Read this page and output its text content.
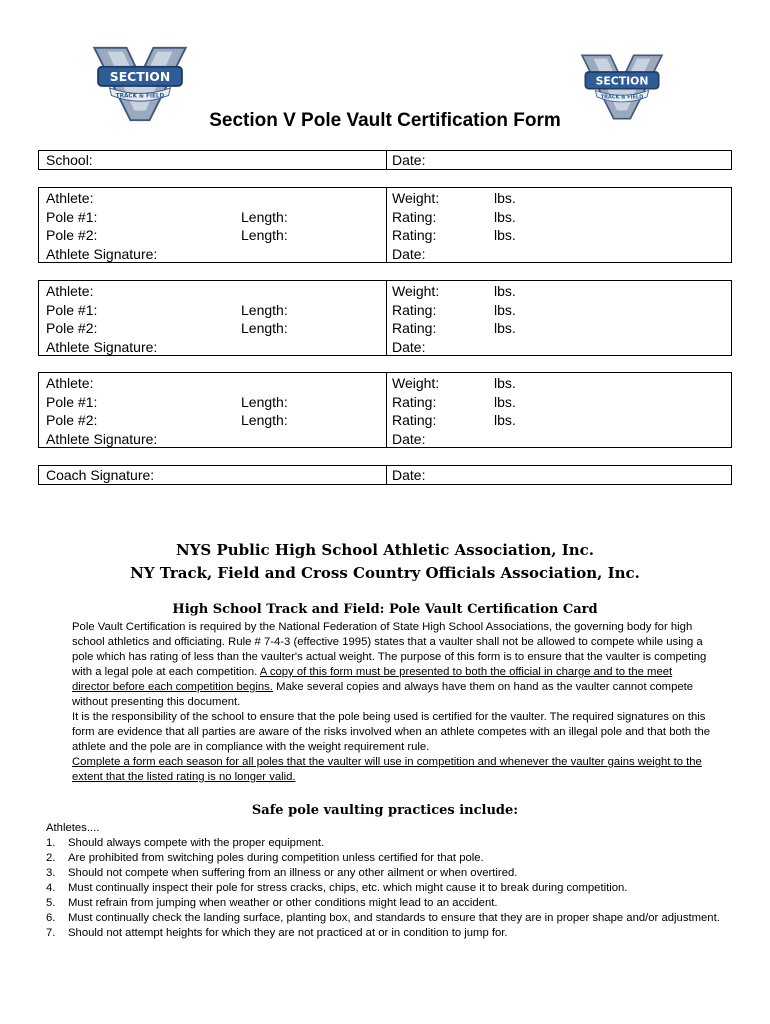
SECTION
TRACK & FIELD
SECTION
TRACK & FIELD
Section V Pole Vault Certification Form
School:	Date:
Athlete:	Weight:	lbs.
Pole #1:	Length:	Rating:	lbs.
Pole #2:	Length:	Rating:	lbs.
Athlete Signature:	Date:
Athlete:	Weight:	lbs.
Pole #1:	Length:	Rating:	lbs.
Pole #2:	Length:	Rating:	lbs.
Athlete Signature:	Date:
Athlete:	Weight:	lbs.
Pole #1:	Length:	Rating:	lbs.
Pole #2:	Length:	Rating:	lbs.
Athlete Signature:	Date:
Coach Signature:	Date:
NYS Public High School Athletic Association, Inc.
NY Track, Field and Cross Country Officials Association, Inc.
High School Track and Field: Pole Vault Certification Card

Pole Vault Certification is required by the National Federation of State High School Associations, the governing body for high school athletics and officiating. Rule # 7-4-3 (effective 1995) states that a vaulter shall not be allowed to compete while using a pole which has rating of less than the vaulter's actual weight. The purpose of this form is to ensure that the vaulter is competing with a legal pole at each competition. A copy of this form must be presented to both the official in charge and to the meet director before each competition begins. Make several copies and always have them on hand as the vaulter cannot compete without presenting this document.

It is the responsibility of the school to ensure that the pole being used is certified for the vaulter. The required signatures on this form are evidence that all parties are aware of the risks involved when an athlete competes with an illegal pole and that both the athlete and the pole are in compliance with the weight requirement rule.

Complete a form each season for all poles that the vaulter will use in competition and whenever the vaulter gains weight to the extent that the listed rating is no longer valid.

Safe pole vaulting practices include:
Athletes....
1. Should always compete with the proper equipment.
2. Are prohibited from switching poles during competition unless certified for that pole.
3. Should not compete when suffering from an illness or any other ailment or when overtired.
4. Must continually inspect their pole for stress cracks, chips, etc. which might cause it to break during competition.
5. Must refrain from jumping when weather or other conditions might lead to an accident.
6. Must continually check the landing surface, planting box, and standards to ensure that they are in proper shape and/or adjustment.
7. Should not attempt heights for which they are not practiced at or in condition to jump for.
